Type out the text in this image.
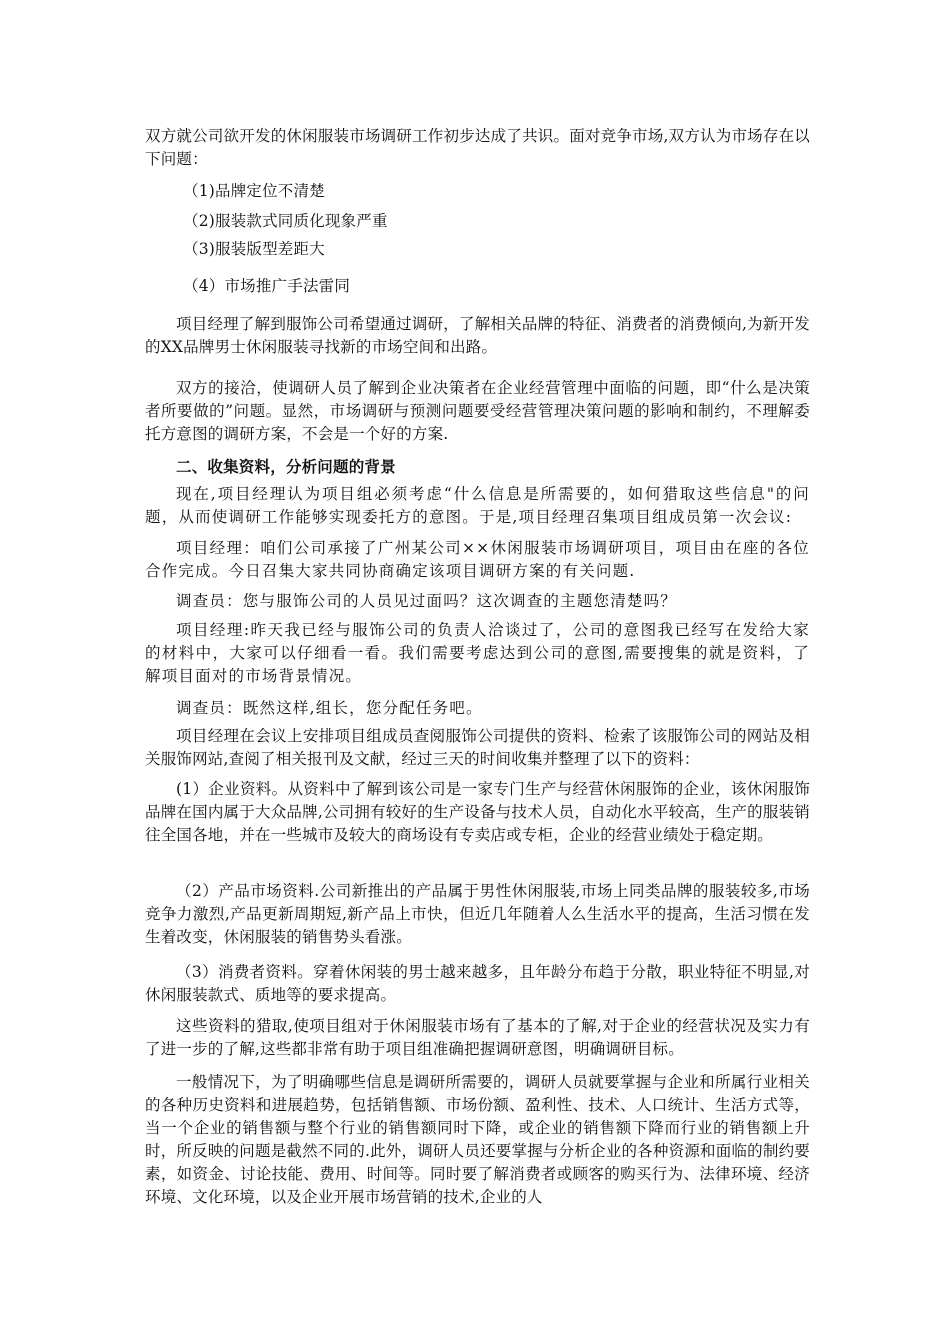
双方就公司欲开发的休闲服装市场调研工作初步达成了共识。面对竞争市场,双方认为市场存在以下问题：

（1)品牌定位不清楚

（2)服装款式同质化现象严重

（3)服装版型差距大

（4）市场推广手法雷同

项目经理了解到服饰公司希望通过调研，了解相关品牌的特征、消费者的消费倾向,为新开发的XX品牌男士休闲服装寻找新的市场空间和出路。

双方的接洽，使调研人员了解到企业决策者在企业经营管理中面临的问题，即“什么是决策者所要做的”问题。显然，市场调研与预测问题要受经营管理决策问题的影响和制约，不理解委托方意图的调研方案，不会是一个好的方案.

二、收集资料，分析问题的背景

现在,项目经理认为项目组必须考虑“什么信息是所需要的，如何猎取这些信息"的问题，从而使调研工作能够实现委托方的意图。于是,项目经理召集项目组成员第一次会议:

项目经理：咱们公司承接了广州某公司××休闲服装市场调研项目，项目由在座的各位合作完成。今日召集大家共同协商确定该项目调研方案的有关问题.

调查员：您与服饰公司的人员见过面吗？这次调查的主题您清楚吗？

项目经理:昨天我已经与服饰公司的负责人洽谈过了，公司的意图我已经写在发给大家的材料中，大家可以仔细看一看。我们需要考虑达到公司的意图,需要搜集的就是资料，了解项目面对的市场背景情况。

调查员：既然这样,组长，您分配任务吧。

项目经理在会议上安排项目组成员查阅服饰公司提供的资料、检索了该服饰公司的网站及相关服饰网站,查阅了相关报刊及文献，经过三天的时间收集并整理了以下的资料：

(1）企业资料。从资料中了解到该公司是一家专门生产与经营休闲服饰的企业，该休闲服饰品牌在国内属于大众品牌,公司拥有较好的生产设备与技术人员，自动化水平较高，生产的服装销往全国各地，并在一些城市及较大的商场设有专卖店或专柜，企业的经营业绩处于稳定期。

（2）产品市场资料.公司新推出的产品属于男性休闲服装,市场上同类品牌的服装较多,市场竞争力激烈,产品更新周期短,新产品上市快，但近几年随着人么生活水平的提高，生活习惯在发生着改变，休闲服装的销售势头看涨。

（3）消费者资料。穿着休闲装的男士越来越多，且年龄分布趋于分散，职业特征不明显,对休闲服装款式、质地等的要求提高。

这些资料的猎取,使项目组对于休闲服装市场有了基本的了解,对于企业的经营状况及实力有了进一步的了解,这些都非常有助于项目组准确把握调研意图，明确调研目标。

一般情况下，为了明确哪些信息是调研所需要的，调研人员就要掌握与企业和所属行业相关的各种历史资料和进展趋势，包括销售额、市场份额、盈利性、技术、人口统计、生活方式等，当一个企业的销售额与整个行业的销售额同时下降，或企业的销售额下降而行业的销售额上升时，所反映的问题是截然不同的.此外，调研人员还要掌握与分析企业的各种资源和面临的制约要素，如资金、讨论技能、费用、时间等。同时要了解消费者或顾客的购买行为、法律环境、经济环境、文化环境，以及企业开展市场营销的技术,企业的人
